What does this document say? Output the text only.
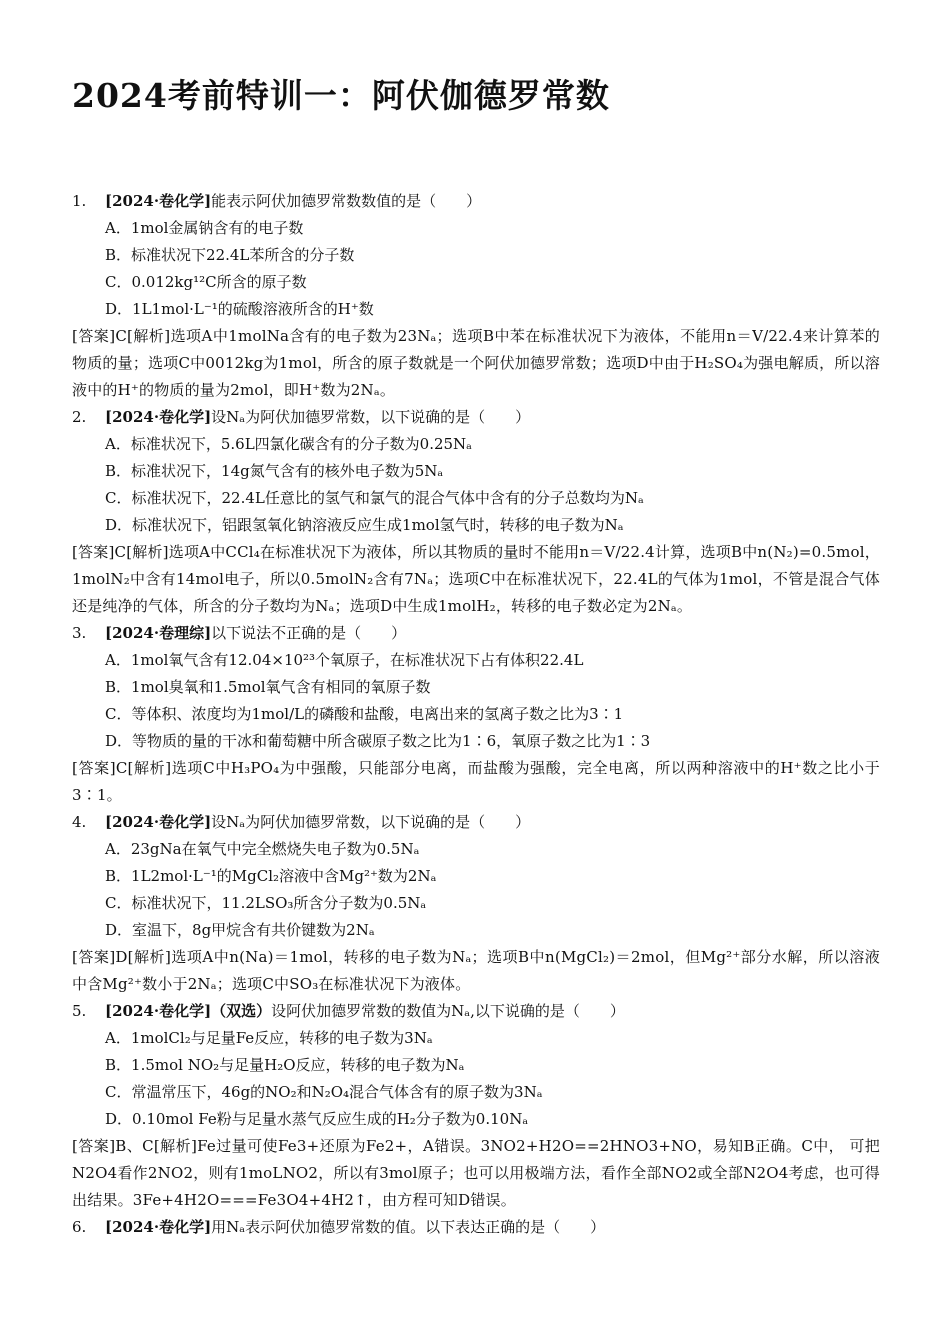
2024考前特训一：阿伏伽德罗常数
1. [2024·卷化学]能表示阿伏加德罗常数数值的是（　　）
A．1mol金属钠含有的电子数
B．标准状况下22.4L苯所含的分子数
C．0.012kg¹²C所含的原子数
D．1L1mol·L⁻¹的硫酸溶液所含的H⁺数
[答案]C[解析]选项A中1molNa含有的电子数为23Nₐ；选项B中苯在标准状况下为液体，不能用n＝V/22.4来计算苯的物质的量；选项C中0012kg为1mol，所含的原子数就是一个阿伏加德罗常数；选项D中由于H₂SO₄为强电解质，所以溶液中的H⁺的物质的量为2mol，即H⁺数为2Nₐ。
2. [2024·卷化学]设Nₐ为阿伏加德罗常数，以下说确的是（　　）
A．标准状况下，5.6L四氯化碳含有的分子数为0.25Nₐ
B．标准状况下，14g氮气含有的核外电子数为5Nₐ
C．标准状况下，22.4L任意比的氢气和氯气的混合气体中含有的分子总数均为Nₐ
D．标准状况下，铝跟氢氧化钠溶液反应生成1mol氢气时，转移的电子数为Nₐ
[答案]C[解析]选项A中CCl₄在标准状况下为液体，所以其物质的量时不能用n＝V/22.4计算，选项B中n(N₂)=0.5mol，1molN₂中含有14mol电子，所以0.5molN₂含有7Nₐ；选项C中在标准状况下，22.4L的气体为1mol，不管是混合气体还是纯净的气体，所含的分子数均为Nₐ；选项D中生成1molH₂，转移的电子数必定为2Nₐ。
3. [2024·卷理综]以下说法不正确的是（　　）
A．1mol氧气含有12.04×10²³个氧原子，在标准状况下占有体积22.4L
B．1mol臭氧和1.5mol氧气含有相同的氧原子数
C．等体积、浓度均为1mol/L的磷酸和盐酸，电离出来的氢离子数之比为3∶1
D．等物质的量的干冰和葡萄糖中所含碳原子数之比为1∶6，氧原子数之比为1∶3
[答案]C[解析]选项C中H₃PO₄为中强酸，只能部分电离，而盐酸为强酸，完全电离，所以两种溶液中的H⁺数之比小于3∶1。
4. [2024·卷化学]设Nₐ为阿伏加德罗常数，以下说确的是（　　）
A．23gNa在氧气中完全燃烧失电子数为0.5Nₐ
B．1L2mol·L⁻¹的MgCl₂溶液中含Mg²⁺数为2Nₐ
C．标准状况下，11.2LSO₃所含分子数为0.5Nₐ
D．室温下，8g甲烷含有共价键数为2Nₐ
[答案]D[解析]选项A中n(Na)＝1mol，转移的电子数为Nₐ；选项B中n(MgCl₂)＝2mol，但Mg²⁺部分水解，所以溶液中含Mg²⁺数小于2Nₐ；选项C中SO₃在标准状况下为液体。
5. [2024·卷化学]（双选）设阿伏加德罗常数的数值为Nₐ,以下说确的是（　　）
A．1molCl₂与足量Fe反应，转移的电子数为3Nₐ
B．1.5mol NO₂与足量H₂O反应，转移的电子数为Nₐ
C．常温常压下，46g的NO₂和N₂O₄混合气体含有的原子数为3Nₐ
D．0.10mol Fe粉与足量水蒸气反应生成的H₂分子数为0.10Nₐ
[答案]B、C[解析]Fe过量可使Fe3+还原为Fe2+，A错误。3NO2+H2O==2HNO3+NO，易知B正确。C中， 可把N2O4看作2NO2，则有1moLNO2，所以有3mol原子；也可以用极端方法，看作全部NO2或全部N2O4考虑，也可得出结果。3Fe+4H2O===Fe3O4+4H2↑，由方程可知D错误。
6. [2024·卷化学]用Nₐ表示阿伏加德罗常数的值。以下表达正确的是（　　）
